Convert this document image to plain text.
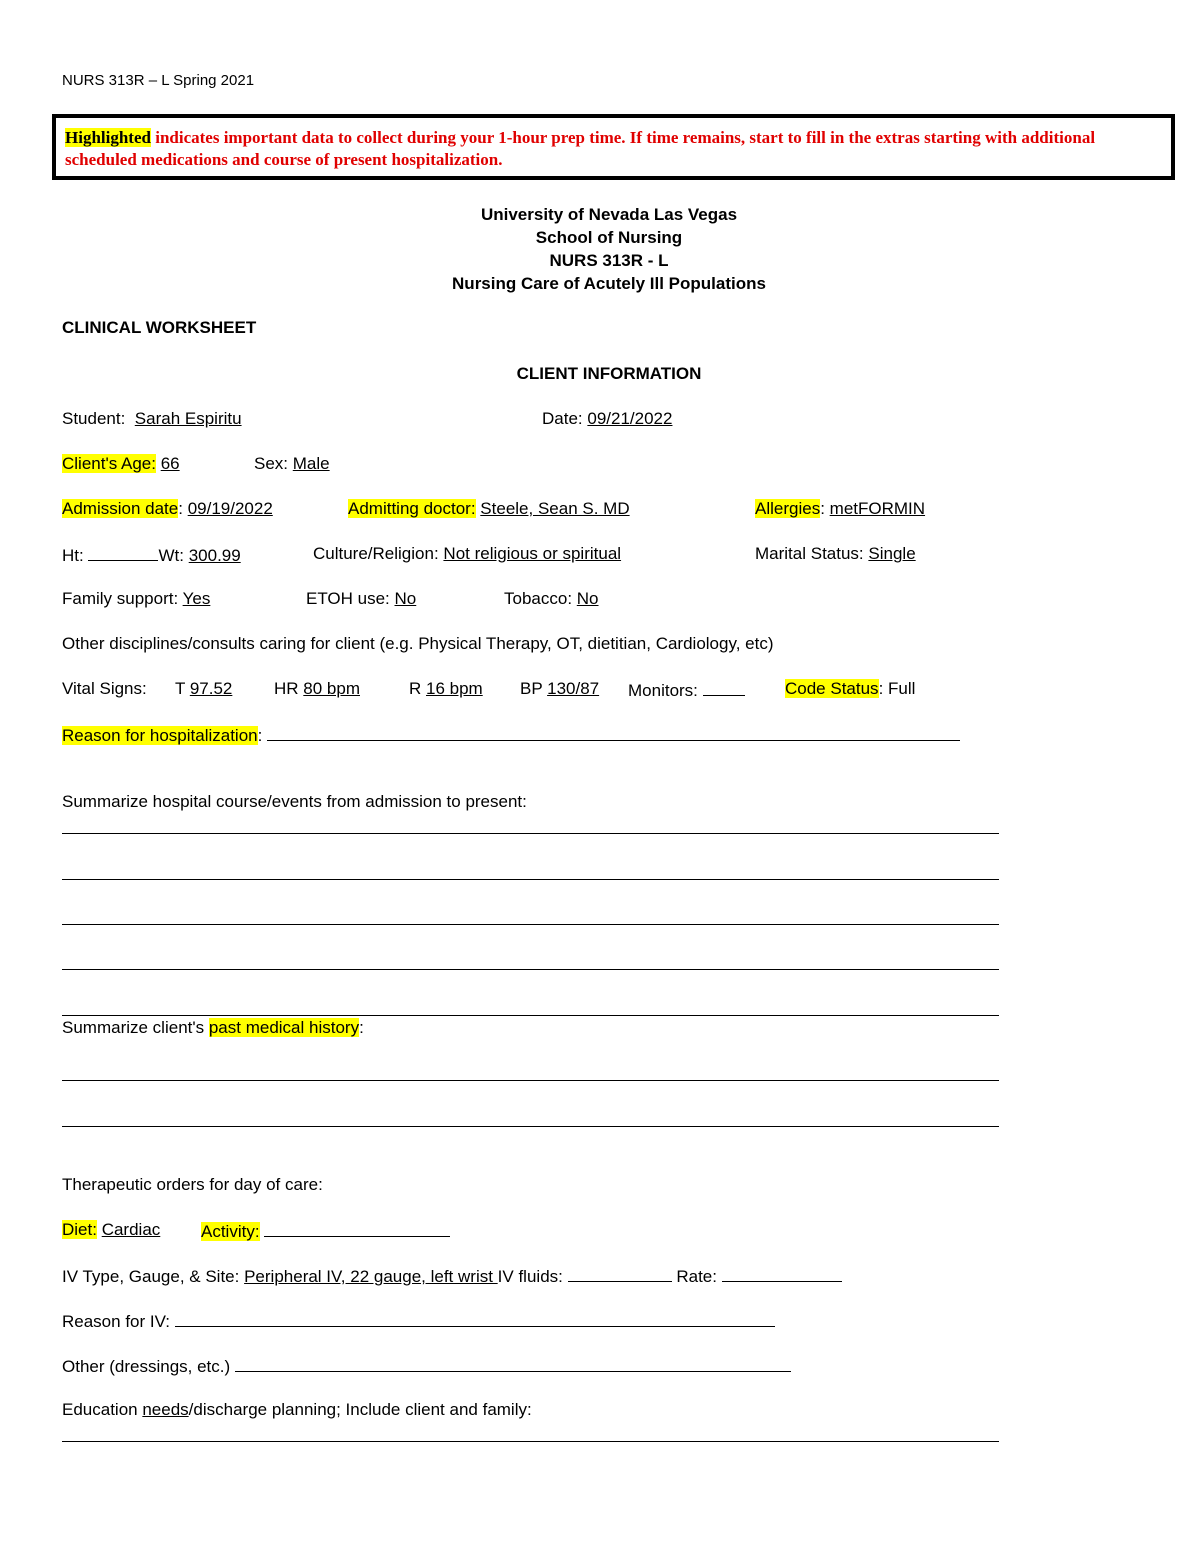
NURS 313R – L Spring 2021
Highlighted indicates important data to collect during your 1-hour prep time. If time remains, start to fill in the extras starting with additional scheduled medications and course of present hospitalization.
University of Nevada Las Vegas
School of Nursing
NURS 313R - L
Nursing Care of Acutely Ill Populations
CLINICAL WORKSHEET
CLIENT INFORMATION
Student: Sarah Espiritu	Date: 09/21/2022
Client's Age: 66	Sex: Male
Admission date: 09/19/2022	Admitting doctor: Steele, Sean S. MD	Allergies: metFORMIN
Ht:	Wt: 300.99	Culture/Religion: Not religious or spiritual	Marital Status: Single
Family support: Yes	ETOH use: No	Tobacco: No
Other disciplines/consults caring for client (e.g. Physical Therapy, OT, dietitian, Cardiology, etc)
Vital Signs: T 97.52 HR 80 bpm	R 16 bpm BP 130/87 Monitors:	Code Status: Full
Reason for hospitalization:
Summarize hospital course/events from admission to present:
Summarize client's past medical history:
Therapeutic orders for day of care:
Diet: Cardiac Activity:
IV Type, Gauge, & Site: Peripheral IV, 22 gauge, left wrist IV fluids:	Rate:
Reason for IV:
Other (dressings, etc.)
Education needs/discharge planning; Include client and family:
